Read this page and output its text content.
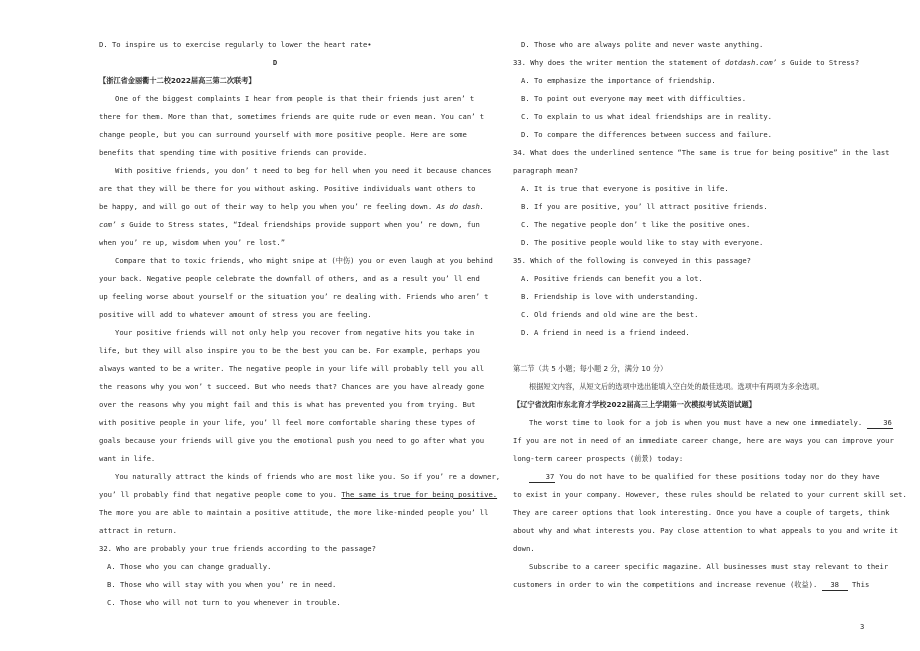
D. To inspire us to exercise regularly to lower the heart rate•
D
【浙江省金丽衢十二校2022届高三第二次联考】
One of the biggest complaints I hear from people is that their friends just aren’ t
there for them. More than that, sometimes friends are quite rude or even mean. You can’ t
change people, but you can surround yourself with more positive people. Here are some
benefits that spending time with positive friends can provide.
With positive friends, you don’ t need to beg for hell when you need it because chances
are that they will be there for you without asking. Positive individuals want others to
be happy, and will go out of their way to help you when you’ re feeling down. As do dash.
com’ s Guide to Stress states, “Ideal friendships provide support when you’ re down, fun
when you’ re up, wisdom when you’ re lost.”
Compare that to toxic friends, who might snipe at (中伤) you or even laugh at you behind
your back. Negative people celebrate the downfall of others, and as a result you’ ll end
up feeling worse about yourself or the situation you’ re dealing with. Friends who aren’ t
positive will add to whatever amount of stress you are feeling.
Your positive friends will not only help you recover from negative hits you take in
life, but they will also inspire you to be the best you can be. For example, perhaps you
always wanted to be a writer. The negative people in your life will probably tell you all
the reasons why you won’ t succeed. But who needs that? Chances are you have already gone
over the reasons why you might fail and this is what has prevented you from trying. But
with positive people in your life, you’ ll feel more comfortable sharing these types of
goals because your friends will give you the emotional push you need to go after what you
want in life.
You naturally attract the kinds of friends who are most like you. So if you’ re a downer,
you’ ll probably find that negative people come to you. The same is true for being positive.
The more you are able to maintain a positive attitude, the more like-minded people you’ ll
attract in return.
32. Who are probably your true friends according to the passage?
A. Those who you can change gradually.
B. Those who will stay with you when you’ re in need.
C. Those who will not turn to you whenever in trouble.
D. Those who are always polite and never waste anything.
33. Why does the writer mention the statement of dotdash.com’ s Guide to Stress?
A. To emphasize the importance of friendship.
B. To point out everyone may meet with difficulties.
C. To explain to us what ideal friendships are in reality.
D. To compare the differences between success and failure.
34. What does the underlined sentence “The same is true for being positive” in the last
paragraph mean?
A. It is true that everyone is positive in life.
B. If you are positive, you’ ll attract positive friends.
C. The negative people don’ t like the positive ones.
D. The positive people would like to stay with everyone.
35. Which of the following is conveyed in this passage?
A. Positive friends can benefit you a lot.
B. Friendship is love with understanding.
C. Old friends and old wine are the best.
D. A friend in need is a friend indeed.
第二节（共 5 小题；每小题 2 分，满分 10 分）
根据短文内容，从短文后的选项中选出能填入空白处的最佳选项。选项中有两项为多余选项。
【辽宁省沈阳市东北育才学校2022届高三上学期第一次模拟考试英语试题】
The worst time to look for a job is when you must have a new one immediately. 36
If you are not in need of an immediate career change, here are ways you can improve your
long-term career prospects (前景) today:
37 You do not have to be qualified for these positions today nor do they have
to exist in your company. However, these rules should be related to your current skill set.
They are career options that look interesting. Once you have a couple of targets, think
about why and what interests you. Pay close attention to what appeals to you and write it
down.
Subscribe to a career specific magazine. All businesses must stay relevant to their
customers in order to win the competitions and increase revenue (收益). 38 This
3
